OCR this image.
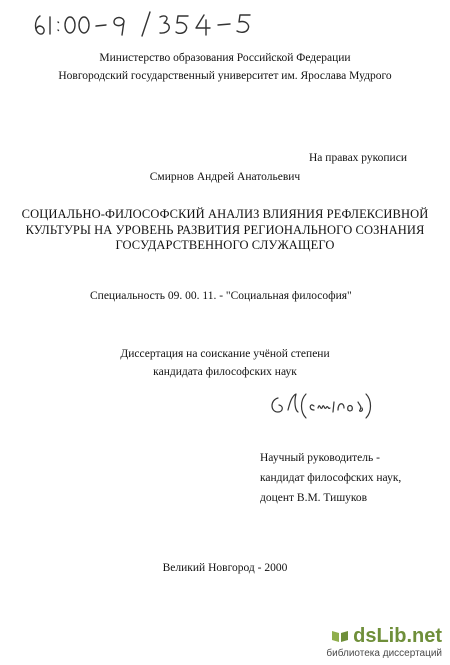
Министерство образования Российской Федерации
Новгородский государственный университет им. Ярослава Мудрого
На правах рукописи
Смирнов Андрей Анатольевич
СОЦИАЛЬНО-ФИЛОСОФСКИЙ АНАЛИЗ ВЛИЯНИЯ РЕФЛЕКСИВНОЙ
КУЛЬТУРЫ НА УРОВЕНЬ РАЗВИТИЯ РЕГИОНАЛЬНОГО СОЗНАНИЯ
ГОСУДАРСТВЕННОГО СЛУЖАЩЕГО
Специальность 09. 00. 11. - "Социальная философия"
Диссертация на соискание учёной степени
кандидата философских наук
Научный руководитель -
кандидат философских наук,
доцент В.М. Тишуков
Великий Новгород - 2000
dsLib.net
библиотека диссертаций
